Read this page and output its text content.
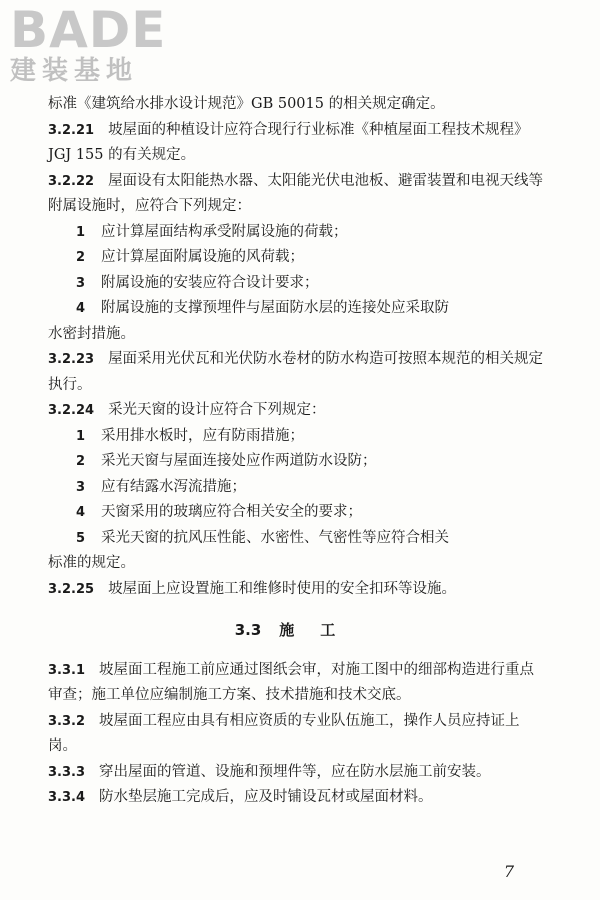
BADE
建装基地

标准《建筑给水排水设计规范》GB 50015 的相关规定确定。

3.2.21 坡屋面的种植设计应符合现行行业标准《种植屋面工程技术规程》JGJ 155 的有关规定。

3.2.22 屋面设有太阳能热水器、太阳能光伏电池板、避雷装置和电视天线等附属设施时，应符合下列规定：

1 应计算屋面结构承受附属设施的荷载；

2 应计算屋面附属设施的风荷载；

3 附属设施的安装应符合设计要求；

4 附属设施的支撑预埋件与屋面防水层的连接处应采取防

水密封措施。

3.2.23 屋面采用光伏瓦和光伏防水卷材的防水构造可按照本规范的相关规定执行。

3.2.24 采光天窗的设计应符合下列规定：

1 采用排水板时，应有防雨措施；

2 采光天窗与屋面连接处应作两道防水设防；

3 应有结露水泻流措施；

4 天窗采用的玻璃应符合相关安全的要求；

5 采光天窗的抗风压性能、水密性、气密性等应符合相关

标准的规定。

3.2.25 坡屋面上应设置施工和维修时使用的安全扣环等设施。

3.3 施工

3.3.1 坡屋面工程施工前应通过图纸会审，对施工图中的细部构造进行重点审查；施工单位应编制施工方案、技术措施和技术交底。

3.3.2 坡屋面工程应由具有相应资质的专业队伍施工，操作人员应持证上岗。

3.3.3 穿出屋面的管道、设施和预埋件等，应在防水层施工前安装。

3.3.4 防水垫层施工完成后，应及时铺设瓦材或屋面材料。

7
